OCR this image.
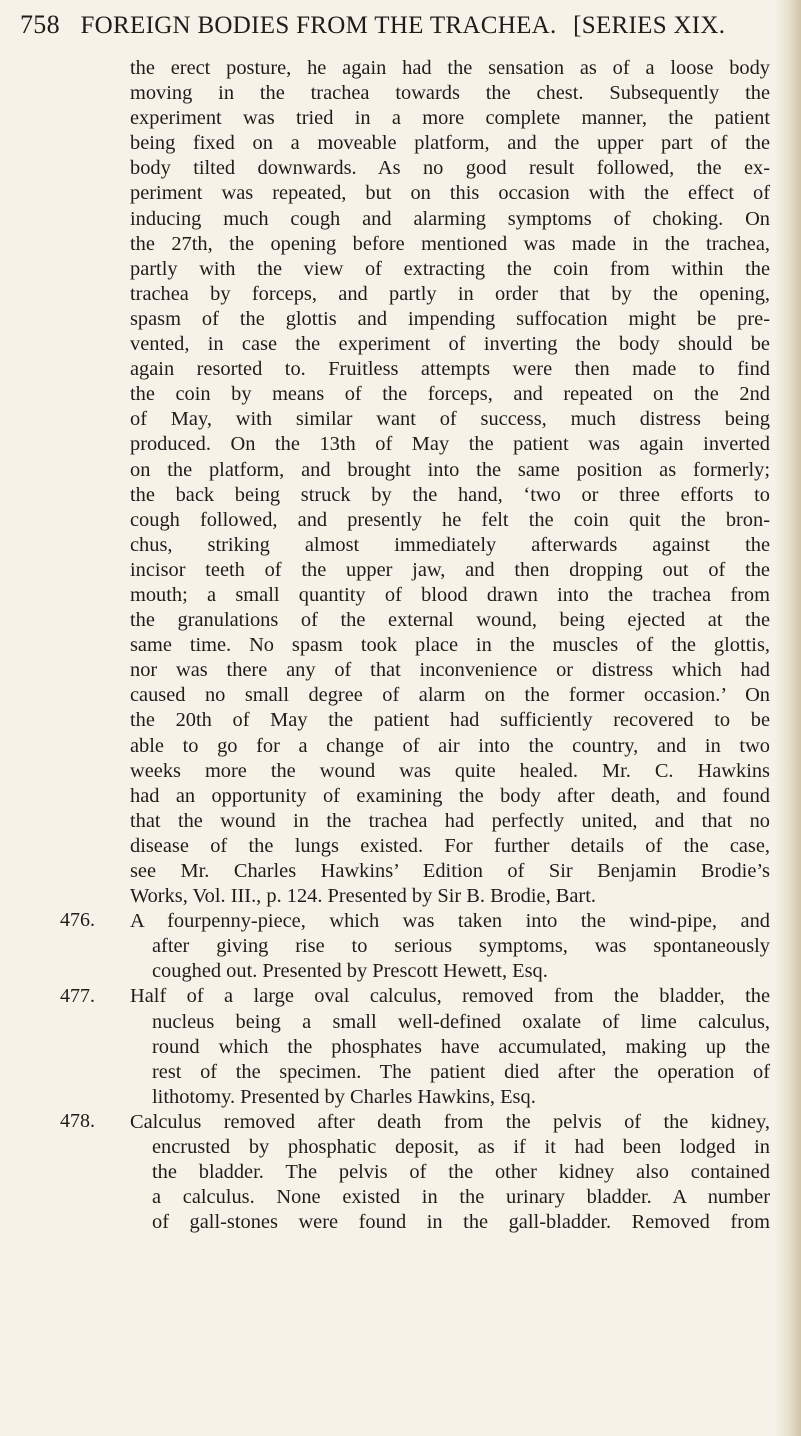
758 FOREIGN BODIES FROM THE TRACHEA. [SERIES XIX.
the erect posture, he again had the sensation as of a loose body
moving in the trachea towards the chest. Subsequently the
experiment was tried in a more complete manner, the patient
being fixed on a moveable platform, and the upper part of the
body tilted downwards. As no good result followed, the ex-
periment was repeated, but on this occasion with the effect of
inducing much cough and alarming symptoms of choking. On
the 27th, the opening before mentioned was made in the trachea,
partly with the view of extracting the coin from within the
trachea by forceps, and partly in order that by the opening,
spasm of the glottis and impending suffocation might be pre-
vented, in case the experiment of inverting the body should be
again resorted to. Fruitless attempts were then made to find
the coin by means of the forceps, and repeated on the 2nd
of May, with similar want of success, much distress being
produced. On the 13th of May the patient was again inverted
on the platform, and brought into the same position as formerly;
the back being struck by the hand, ‘two or three efforts to
cough followed, and presently he felt the coin quit the bron-
chus, striking almost immediately afterwards against the
incisor teeth of the upper jaw, and then dropping out of the
mouth; a small quantity of blood drawn into the trachea from
the granulations of the external wound, being ejected at the
same time. No spasm took place in the muscles of the glottis,
nor was there any of that inconvenience or distress which had
caused no small degree of alarm on the former occasion.’ On
the 20th of May the patient had sufficiently recovered to be
able to go for a change of air into the country, and in two
weeks more the wound was quite healed. Mr. C. Hawkins
had an opportunity of examining the body after death, and found
that the wound in the trachea had perfectly united, and that no
disease of the lungs existed. For further details of the case,
see Mr. Charles Hawkins’ Edition of Sir Benjamin Brodie’s
Works, Vol. III., p. 124. Presented by Sir B. Brodie, Bart.
A fourpenny-piece, which was taken into the wind-pipe, and
after giving rise to serious symptoms, was spontaneously
coughed out. Presented by Prescott Hewett, Esq.
Half of a large oval calculus, removed from the bladder, the
nucleus being a small well-defined oxalate of lime calculus,
round which the phosphates have accumulated, making up the
rest of the specimen. The patient died after the operation of
lithotomy. Presented by Charles Hawkins, Esq.
Calculus removed after death from the pelvis of the kidney,
encrusted by phosphatic deposit, as if it had been lodged in
the bladder. The pelvis of the other kidney also contained
a calculus. None existed in the urinary bladder. A number
of gall-stones were found in the gall-bladder. Removed from
476.
477.
478.
